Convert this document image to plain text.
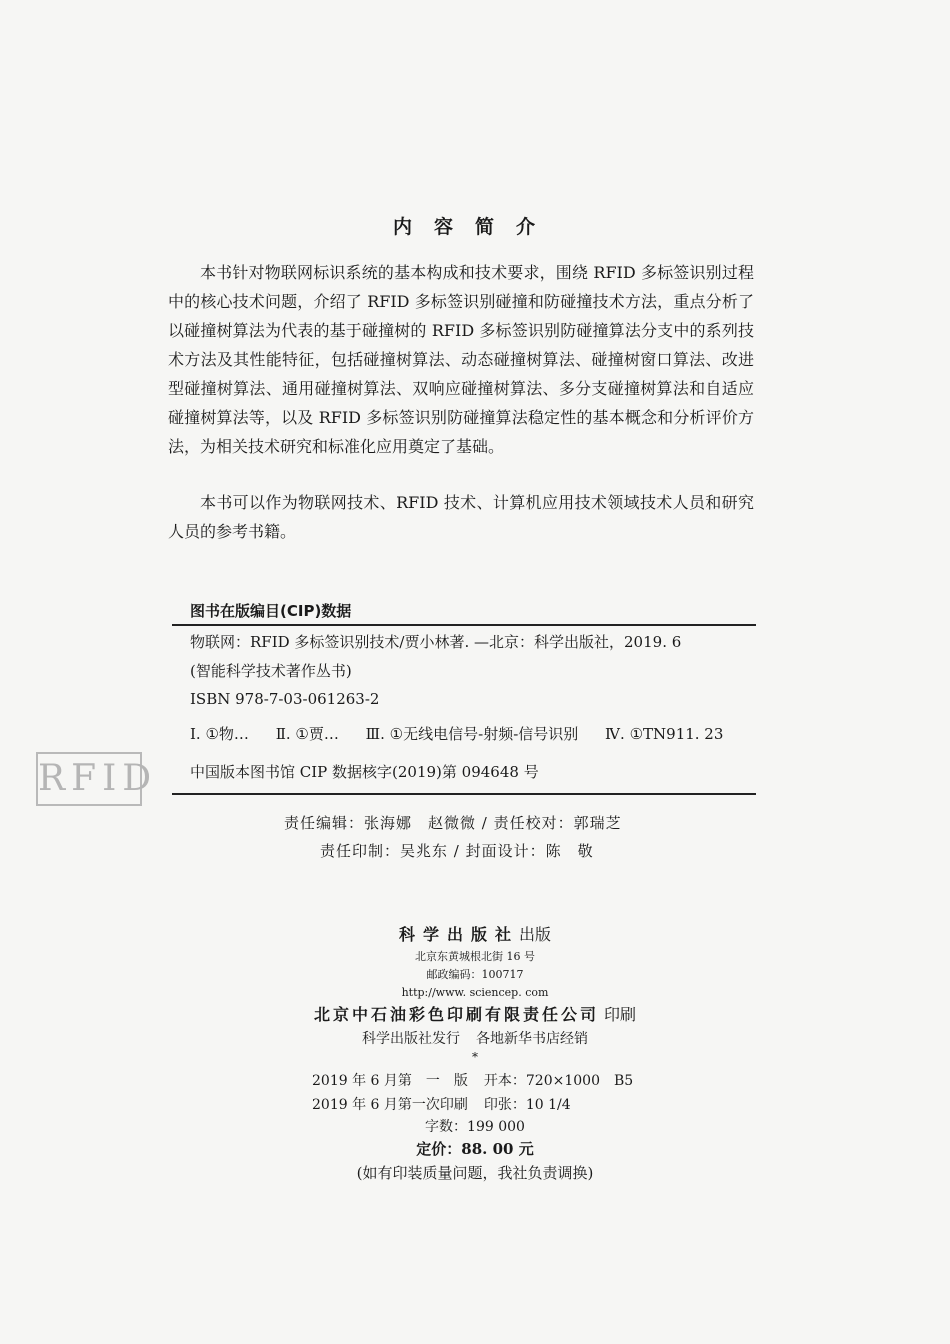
内容简介

本书针对物联网标识系统的基本构成和技术要求，围绕 RFID 多标签识别过程中的核心技术问题，介绍了 RFID 多标签识别碰撞和防碰撞技术方法，重点分析了以碰撞树算法为代表的基于碰撞树的 RFID 多标签识别防碰撞算法分支中的系列技术方法及其性能特征，包括碰撞树算法、动态碰撞树算法、碰撞树窗口算法、改进型碰撞树算法、通用碰撞树算法、双响应碰撞树算法、多分支碰撞树算法和自适应碰撞树算法等，以及 RFID 多标签识别防碰撞算法稳定性的基本概念和分析评价方法，为相关技术研究和标准化应用奠定了基础。

本书可以作为物联网技术、RFID 技术、计算机应用技术领域技术人员和研究人员的参考书籍。

图书在版编目(CIP)数据
物联网：RFID 多标签识别技术/贾小林著. —北京：科学出版社，2019. 6
(智能科学技术著作丛书)
ISBN 978-7-03-061263-2
Ⅰ. ①物… Ⅱ. ①贾… Ⅲ. ①无线电信号-射频-信号识别 Ⅳ. ①TN911. 23
中国版本图书馆 CIP 数据核字(2019)第 094648 号
RFID
责任编辑：张海娜　赵微微 / 责任校对：郭瑞芝
责任印制：吴兆东 / 封面设计：陈　敬
科学出版社出版
北京东黄城根北街 16 号
邮政编码：100717
http://www. sciencep. com
北京中石油彩色印刷有限责任公司 印刷
科学出版社发行 各地新华书店经销
*
2019 年 6 月第　一　版 开本：720×1000　B5
2019 年 6 月第一次印刷 印张：10 1/4
字数：199 000
定价：88. 00 元
(如有印装质量问题，我社负责调换)
